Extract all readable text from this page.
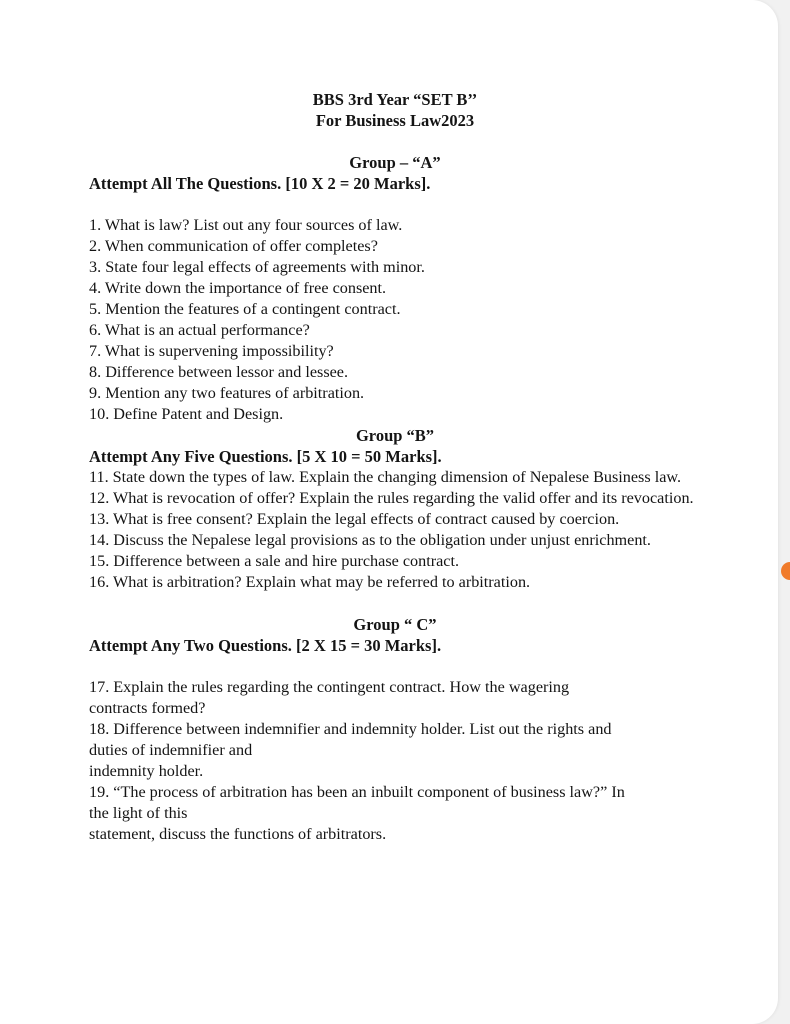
BBS 3rd Year “SET B’’
For Business Law2023
Group – “A”
Attempt All The Questions. [10 X 2 = 20 Marks].
1. What is law? List out any four sources of law.
2. When communication of offer completes?
3. State four legal effects of agreements with minor.
4. Write down the importance of free consent.
5. Mention the features of a contingent contract.
6. What is an actual performance?
7. What is supervening impossibility?
8. Difference between lessor and lessee.
9. Mention any two features of arbitration.
10. Define Patent and Design.
Group “B”
Attempt Any Five Questions. [5 X 10 = 50 Marks].
11. State down the types of law. Explain the changing dimension of Nepalese Business law.
12. What is revocation of offer? Explain the rules regarding the valid offer and its revocation.
13. What is free consent? Explain the legal effects of contract caused by coercion.
14. Discuss the Nepalese legal provisions as to the obligation under unjust enrichment.
15. Difference between a sale and hire purchase contract.
16. What is arbitration? Explain what may be referred to arbitration.
Group “ C”
Attempt Any Two Questions. [2 X 15 = 30 Marks].
17. Explain the rules regarding the contingent contract. How the wagering
contracts formed?
18. Difference between indemnifier and indemnity holder. List out the rights and
duties of indemnifier and
indemnity holder.
19. “The process of arbitration has been an inbuilt component of business law?” In
the light of this
statement, discuss the functions of arbitrators.
